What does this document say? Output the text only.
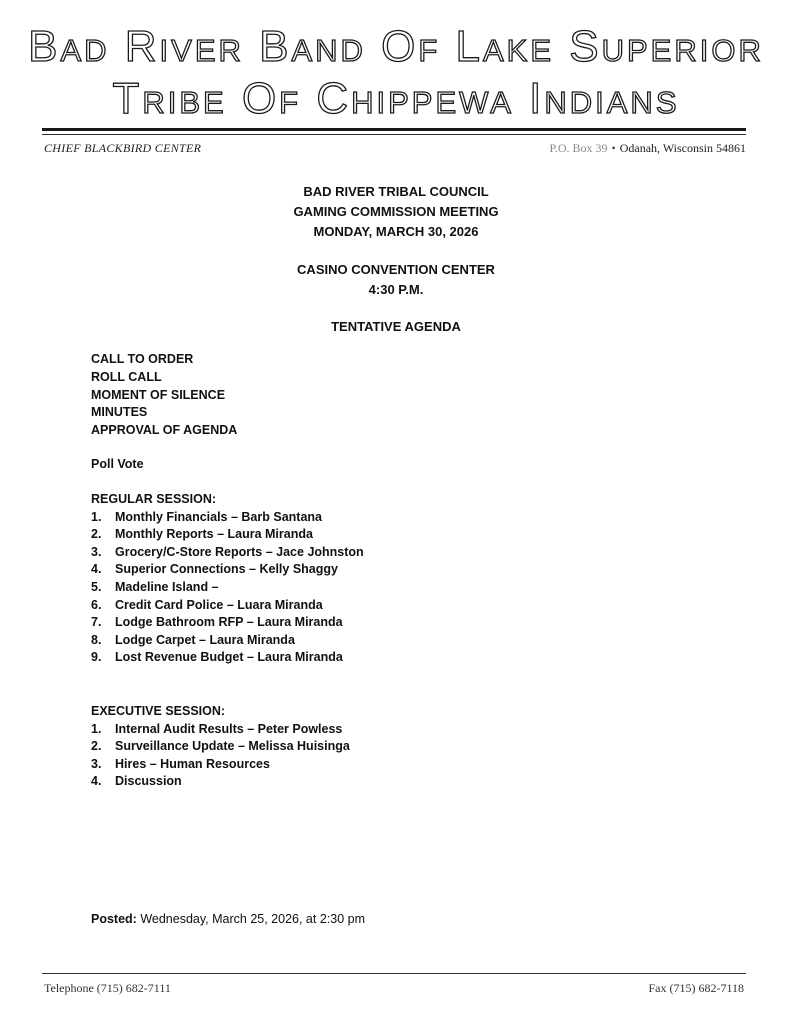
Bad River Band Of Lake Superior
Tribe Of Chippewa Indians
CHIEF BLACKBIRD CENTER	P.O. Box 39 • Odanah, Wisconsin 54861
BAD RIVER TRIBAL COUNCIL
GAMING COMMISSION MEETING
MONDAY, MARCH 30, 2026
CASINO CONVENTION CENTER
4:30 P.M.
TENTATIVE AGENDA
CALL TO ORDER
ROLL CALL
MOMENT OF SILENCE
MINUTES
APPROVAL OF AGENDA
Poll Vote
REGULAR SESSION:
1. Monthly Financials – Barb Santana
2. Monthly Reports – Laura Miranda
3. Grocery/C-Store Reports – Jace Johnston
4. Superior Connections – Kelly Shaggy
5. Madeline Island –
6. Credit Card Police – Luara Miranda
7. Lodge Bathroom RFP – Laura Miranda
8. Lodge Carpet – Laura Miranda
9. Lost Revenue Budget – Laura Miranda
EXECUTIVE SESSION:
1. Internal Audit Results – Peter Powless
2. Surveillance Update – Melissa Huisinga
3. Hires – Human Resources
4. Discussion
Posted: Wednesday, March 25, 2026, at 2:30 pm
Telephone (715) 682-7111	Fax (715) 682-7118
